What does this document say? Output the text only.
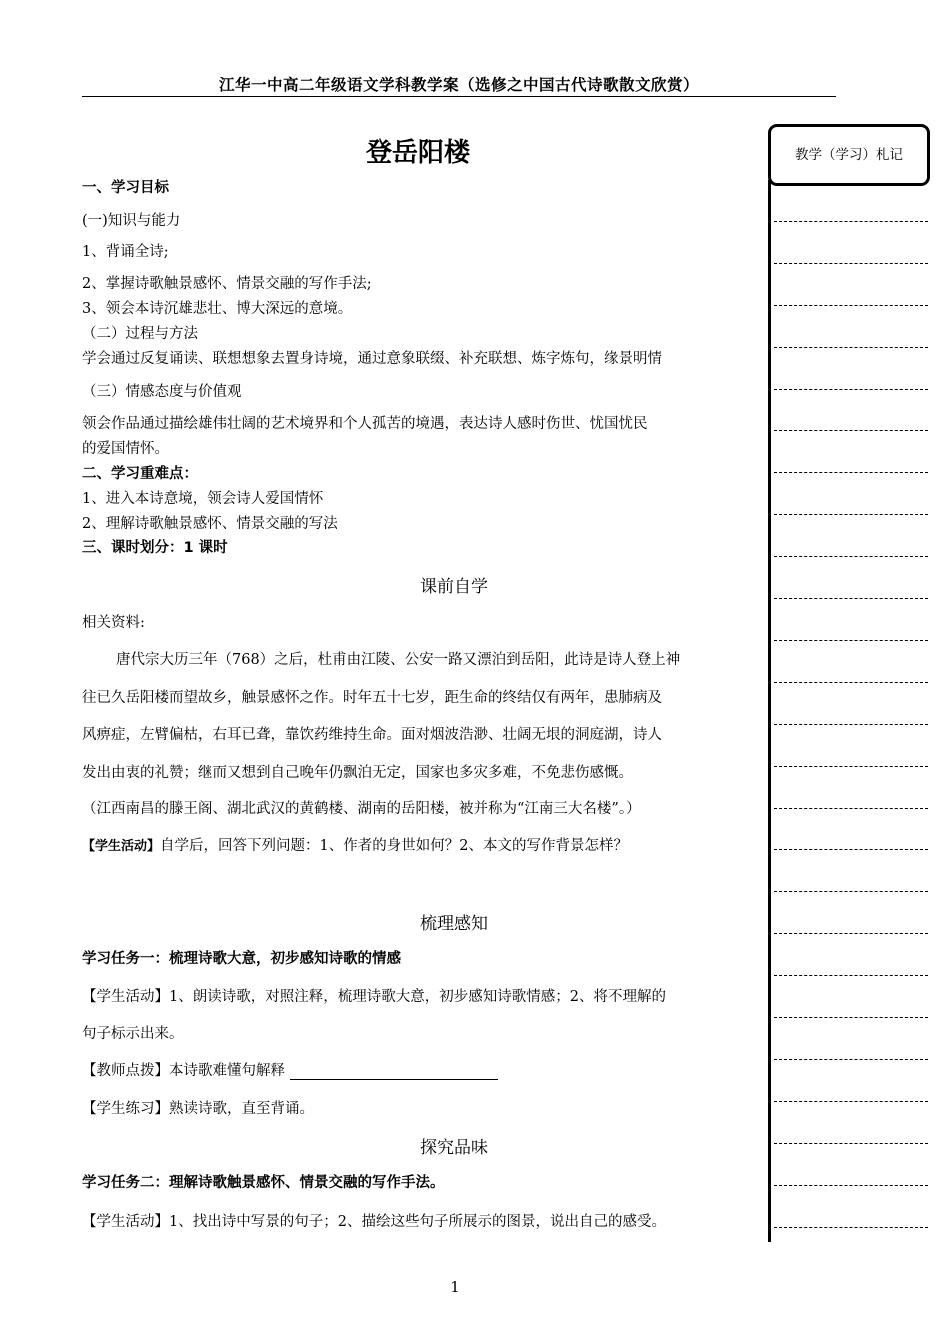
江华一中高二年级语文学科教学案（选修之中国古代诗歌散文欣赏）
登岳阳楼	教学（学习）札记
一、学习目标
(一)知识与能力
1、背诵全诗;
2、掌握诗歌触景感怀、情景交融的写作手法;
3、领会本诗沉雄悲壮、博大深远的意境。
（二）过程与方法
学会通过反复诵读、联想想象去置身诗境，通过意象联缀、补充联想、炼字炼句，缘景明情
（三）情感态度与价值观
领会作品通过描绘雄伟壮阔的艺术境界和个人孤苦的境遇，表达诗人感时伤世、忧国忧民
的爱国情怀。
二、学习重难点：
1、进入本诗意境，领会诗人爱国情怀
2、理解诗歌触景感怀、情景交融的写法
三、课时划分：1 课时
课前自学
相关资料:
唐代宗大历三年（768）之后，杜甫由江陵、公安一路又漂泊到岳阳，此诗是诗人登上神
往已久岳阳楼而望故乡，触景感怀之作。时年五十七岁，距生命的终结仅有两年，患肺病及
风痹症，左臂偏枯，右耳已聋，靠饮药维持生命。面对烟波浩渺、壮阔无垠的洞庭湖，诗人
发出由衷的礼赞；继而又想到自己晚年仍飘泊无定，国家也多灾多难，不免悲伤感慨。
（江西南昌的滕王阁、湖北武汉的黄鹤楼、湖南的岳阳楼，被并称为“江南三大名楼”。）
【学生活动】自学后，回答下列问题：1、作者的身世如何？2、本文的写作背景怎样？
梳理感知
学习任务一：梳理诗歌大意，初步感知诗歌的情感
【学生活动】1、朗读诗歌，对照注释，梳理诗歌大意，初步感知诗歌情感；2、将不理解的
句子标示出来。
【教师点拨】本诗歌难懂句解释
【学生练习】熟读诗歌，直至背诵。
探究品味
学习任务二：理解诗歌触景感怀、情景交融的写作手法。
【学生活动】1、找出诗中写景的句子；2、描绘这些句子所展示的图景，说出自己的感受。
1
